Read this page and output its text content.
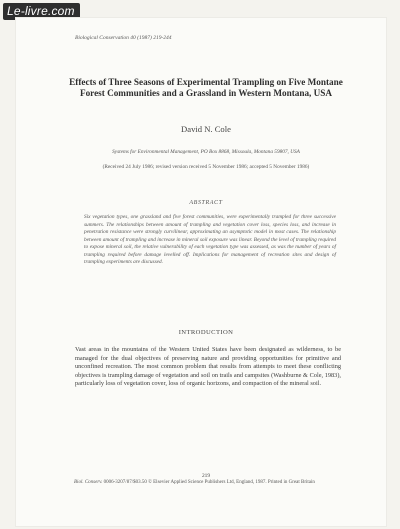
Le-livre.com
Biological Conservation 40 (1987) 219-244
Effects of Three Seasons of Experimental Trampling on Five Montane Forest Communities and a Grassland in Western Montana, USA
David N. Cole
Systems for Environmental Management, PO Box 8868, Missoula, Montana 59807, USA
(Received 24 July 1986; revised version received 5 November 1986; accepted 5 November 1986)
ABSTRACT
Six vegetation types, one grassland and five forest communities, were experimentally trampled for three successive summers. The relationships between amount of trampling and vegetation cover loss, species loss, and increase in penetration resistance were strongly curvilinear, approximating an asymptotic model in most cases. The relationship between amount of trampling and increase in mineral soil exposure was linear. Beyond the level of trampling required to expose mineral soil, the relative vulnerability of each vegetation type was assessed, as was the number of years of trampling required before damage levelled off. Implications for management of recreation sites and design of trampling experiments are discussed.
INTRODUCTION
Vast areas in the mountains of the Western United States have been designated as wilderness, to be managed for the dual objectives of preserving nature and providing opportunities for primitive and unconfined recreation. The most common problem that results from attempts to meet these conflicting objectives is trampling damage of vegetation and soil on trails and campsites (Washburne & Cole, 1983), particularly loss of vegetation cover, loss of organic horizons, and compaction of the mineral soil.
219
Biol. Conserv. 0006-3207/87/$03.50 © Elsevier Applied Science Publishers Ltd, England, 1987. Printed in Great Britain
